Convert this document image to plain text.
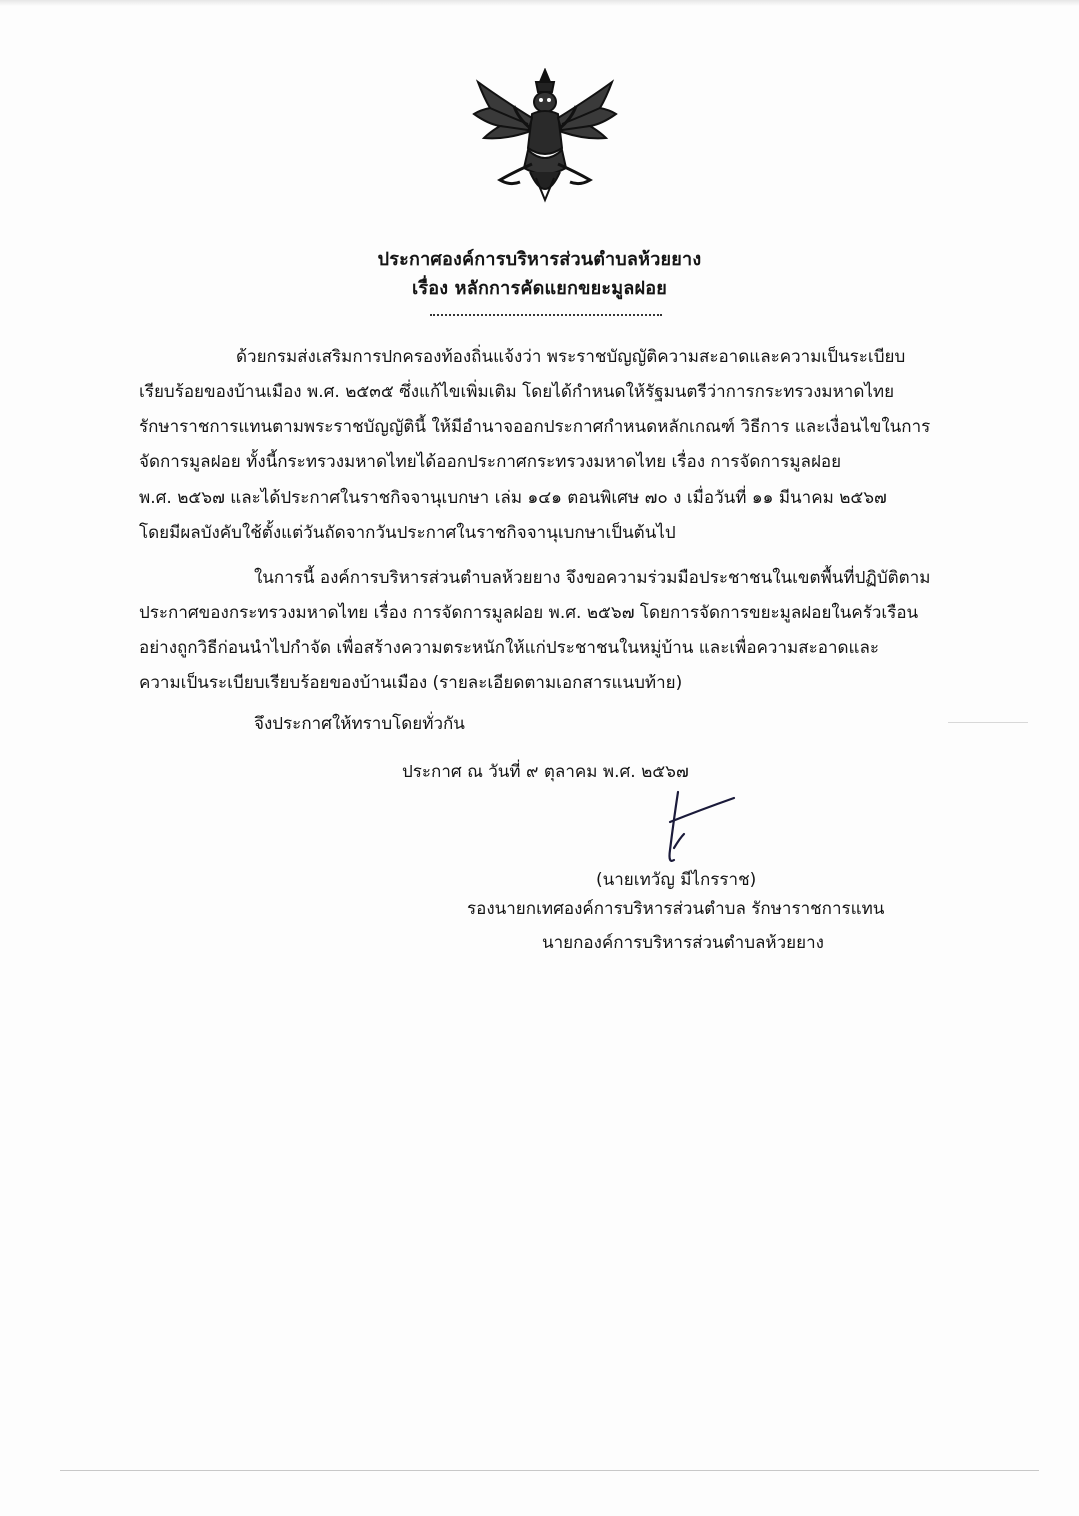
ประกาศองค์การบริหารส่วนตำบลห้วยยาง
เรื่อง หลักการคัดแยกขยะมูลฝอย
ด้วยกรมส่งเสริมการปกครองท้องถิ่นแจ้งว่า พระราชบัญญัติความสะอาดและความเป็นระเบียบ
เรียบร้อยของบ้านเมือง พ.ศ. ๒๕๓๕ ซึ่งแก้ไขเพิ่มเติม โดยได้กำหนดให้รัฐมนตรีว่าการกระทรวงมหาดไทย
รักษาราชการแทนตามพระราชบัญญัตินี้ ให้มีอำนาจออกประกาศกำหนดหลักเกณฑ์ วิธีการ และเงื่อนไขในการ
จัดการมูลฝอย ทั้งนี้กระทรวงมหาดไทยได้ออกประกาศกระทรวงมหาดไทย เรื่อง การจัดการมูลฝอย
พ.ศ. ๒๕๖๗ และได้ประกาศในราชกิจจานุเบกษา เล่ม ๑๔๑ ตอนพิเศษ ๗๐ ง เมื่อวันที่ ๑๑ มีนาคม ๒๕๖๗
โดยมีผลบังคับใช้ตั้งแต่วันถัดจากวันประกาศในราชกิจจานุเบกษาเป็นต้นไป
ในการนี้ องค์การบริหารส่วนตำบลห้วยยาง จึงขอความร่วมมือประชาชนในเขตพื้นที่ปฏิบัติตาม
ประกาศของกระทรวงมหาดไทย เรื่อง การจัดการมูลฝอย พ.ศ. ๒๕๖๗ โดยการจัดการขยะมูลฝอยในครัวเรือน
อย่างถูกวิธีก่อนนำไปกำจัด เพื่อสร้างความตระหนักให้แก่ประชาชนในหมู่บ้าน และเพื่อความสะอาดและ
ความเป็นระเบียบเรียบร้อยของบ้านเมือง (รายละเอียดตามเอกสารแนบท้าย)
จึงประกาศให้ทราบโดยทั่วกัน
ประกาศ ณ วันที่ ๙ ตุลาคม พ.ศ. ๒๕๖๗
(นายเทวัญ มีไกรราช)
รองนายกเทศองค์การบริหารส่วนตำบล รักษาราชการแทน
นายกองค์การบริหารส่วนตำบลห้วยยาง
